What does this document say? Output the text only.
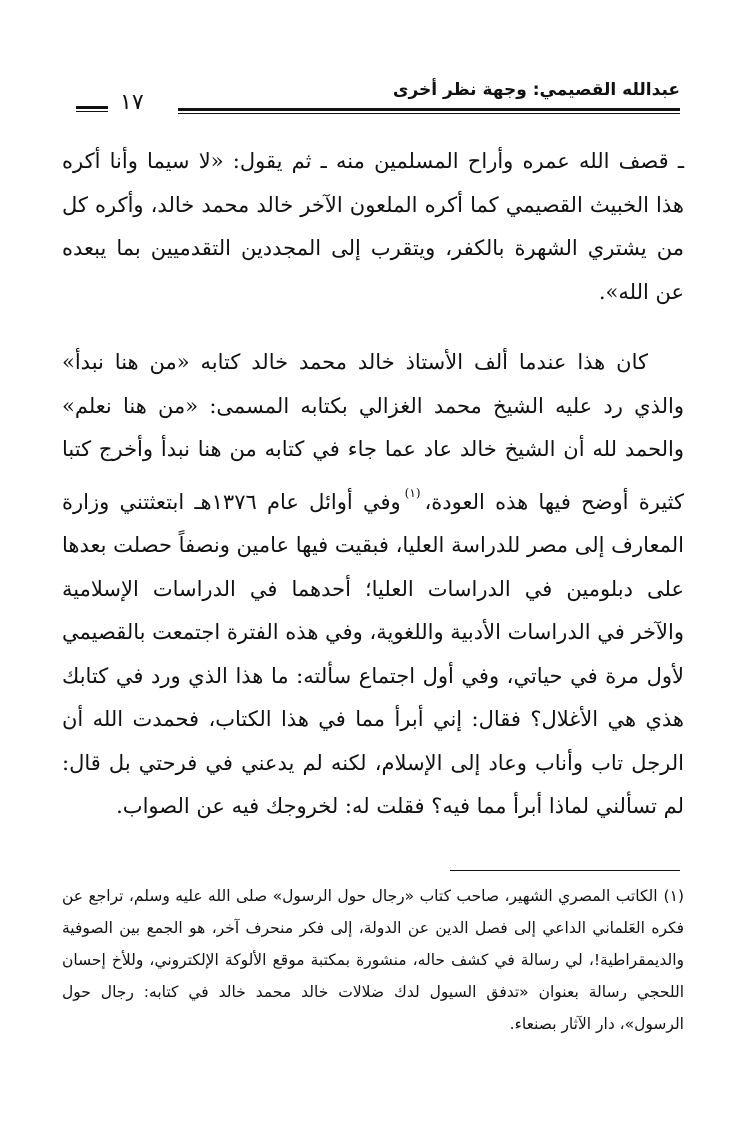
عبدالله القصيمي: وجهة نظر أخرى
١٧

ـ قصف الله عمره وأراح المسلمين منه ـ ثم يقول: «لا سيما وأنا أكره هذا الخبيث القصيمي كما أكره الملعون الآخر خالد محمد خالد، وأكره كل من يشتري الشهرة بالكفر، ويتقرب إلى المجددين التقدميين بما يبعده عن الله».

كان هذا عندما ألف الأستاذ خالد محمد خالد كتابه «من هنا نبدأ» والذي رد عليه الشيخ محمد الغزالي بكتابه المسمى: «من هنا نعلم» والحمد لله أن الشيخ خالد عاد عما جاء في كتابه من هنا نبدأ وأخرج كتبا كثيرة أوضح فيها هذه العودة،$^{(١)}$وفي أوائل عام ١٣٧٦هـ ابتعثتني وزارة المعارف إلى مصر للدراسة العليا، فبقيت فيها عامين ونصفاً حصلت بعدها على دبلومين في الدراسات العليا؛ أحدهما في الدراسات الإسلامية والآخر في الدراسات الأدبية واللغوية، وفي هذه الفترة اجتمعت بالقصيمي لأول مرة في حياتي، وفي أول اجتماع سألته: ما هذا الذي ورد في كتابك هذي هي الأغلال؟ فقال: إني أبرأ مما في هذا الكتاب، فحمدت الله أن الرجل تاب وأناب وعاد إلى الإسلام، لكنه لم يدعني في فرحتي بل قال: لم تسألني لماذا أبرأ مما فيه؟ فقلت له: لخروجك فيه عن الصواب.

(١)الكاتب المصري الشهير، صاحب كتاب «رجال حول الرسول» صلى الله عليه وسلم، تراجع عن فكره العَلماني الداعي إلى فصل الدين عن الدولة، إلى فكر منحرف آخر، هو الجمع بين الصوفية والديمقراطية!، لي رسالة في كشف حاله، منشورة بمكتبة موقع الألوكة الإلكتروني، وللأخ إحسان اللحجي رسالة بعنوان «تدفق السيول لدك ضلالات خالد محمد خالد في كتابه: رجال حول الرسول»، دار الآثار بصنعاء.
